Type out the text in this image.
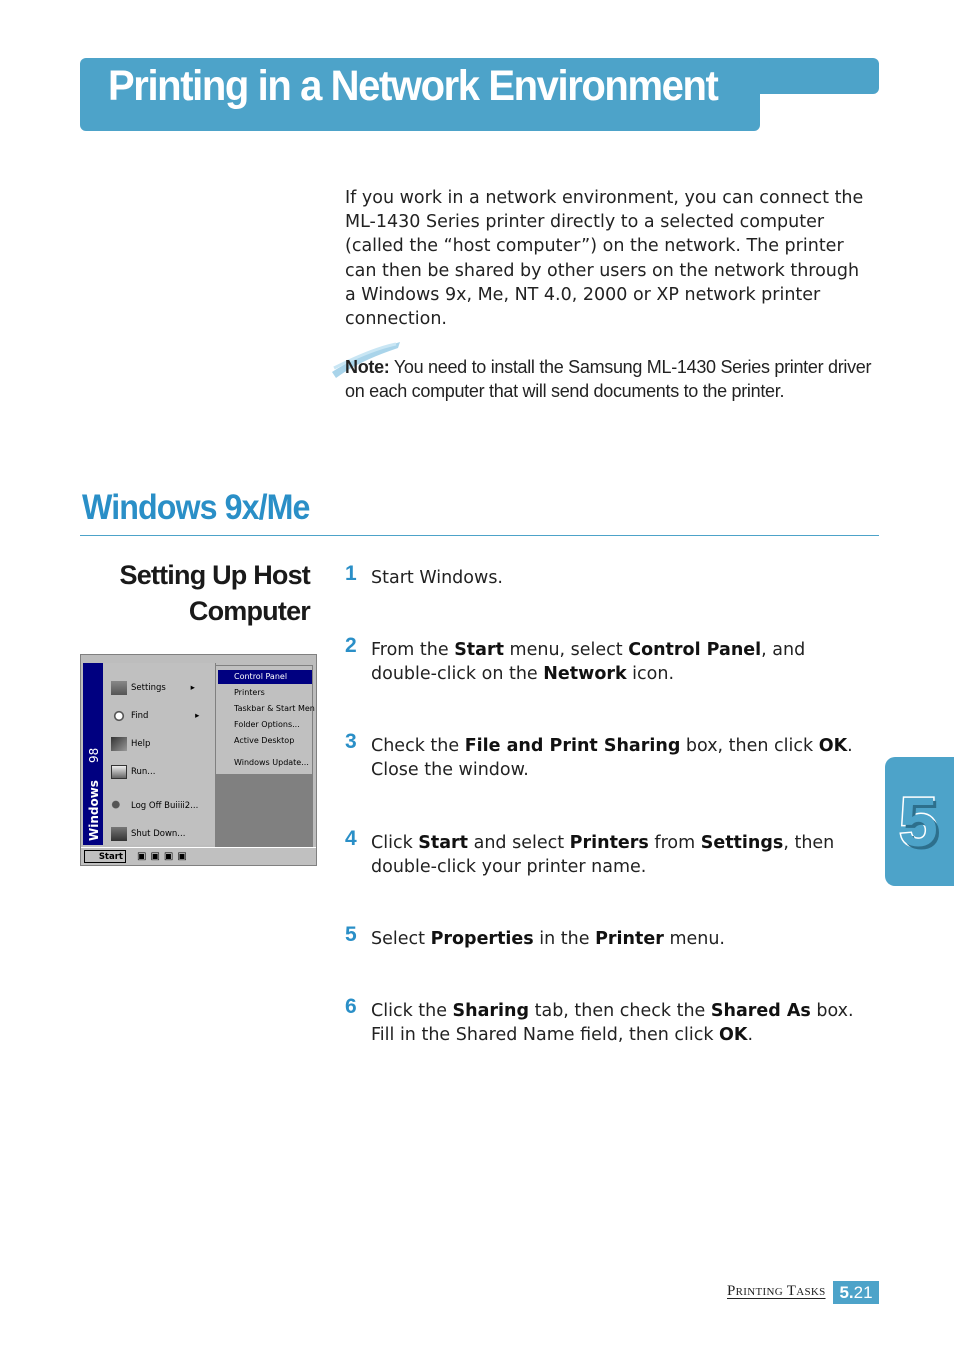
Printing in a Network Environment

If you work in a network environment, you can connect the ML-1430 Series printer directly to a selected computer (called the “host computer”) on the network. The printer can then be shared by other users on the network through a Windows 9x, Me, NT 4.0, 2000 or XP network printer connection.

Note: You need to install the Samsung ML-1430 Series printer driver on each computer that will send documents to the printer.

Windows 9x/Me
Setting Up Host
Computer
Windows98
Settings	▸
Find	▸
Help
Run...
Log Off Buiiii2...
Shut Down...
Control Panel
Printers
Taskbar & Start Men
Folder Options...
Active Desktop
Windows Update...
Start	▣▣▣▣
1 Start Windows.
2 From the Start menu, select Control Panel, and double-click on the Network icon.
3 Check the File and Print Sharing box, then click OK. Close the window.
4 Click Start and select Printers from Settings, then double-click your printer name.
5 Select Properties in the Printer menu.
6 Click the Sharing tab, then check the Shared As box. Fill in the Shared Name field, then click OK.
5
Printing Tasks 5.21
